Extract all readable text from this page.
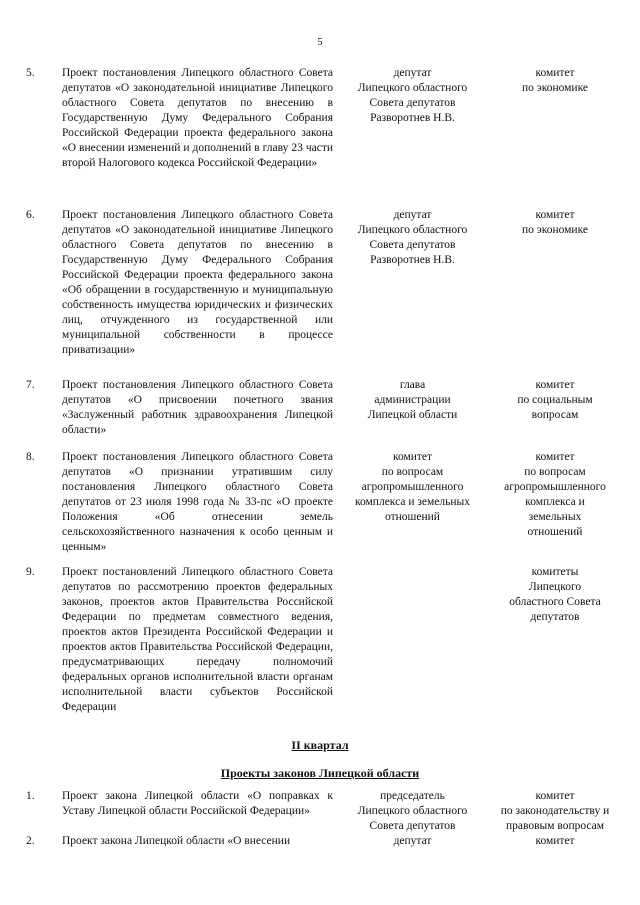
5
5. Проект постановления Липецкого областного Совета депутатов «О законодательной инициативе Липецкого областного Совета депутатов по внесению в Государственную Думу Федерального Собрания Российской Федерации проекта федерального закона «О внесении изменений и дополнений в главу 23 части второй Налогового кодекса Российской Федерации»
депутат
Липецкого областного
Совета депутатов
Разворотнев Н.В.
комитет
по экономике
6. Проект постановления Липецкого областного Совета депутатов «О законодательной инициативе Липецкого областного Совета депутатов по внесению в Государственную Думу Федерального Собрания Российской Федерации проекта федерального закона «Об обращении в государственную и муниципальную собственность имущества юридических и физических лиц, отчужденного из государственной или муниципальной собственности в процессе приватизации»
депутат
Липецкого областного
Совета депутатов
Разворотнев Н.В.
комитет
по экономике
7. Проект постановления Липецкого областного Совета депутатов «О присвоении почетного звания «Заслуженный работник здравоохранения Липецкой области»
глава
администрации
Липецкой области
комитет
по социальным
вопросам
8. Проект постановления Липецкого областного Совета депутатов «О признании утратившим силу постановления Липецкого областного Совета депутатов от 23 июля 1998 года № 33-пс «О проекте Положения «Об отнесении земель сельскохозяйственного назначения к особо ценным и ценным»
комитет
по вопросам
агропромышленного
комплекса и земельных
отношений
комитет
по вопросам
агропромышленного
комплекса и
земельных
отношений
9. Проект постановлений Липецкого областного Совета депутатов по рассмотрению проектов федеральных законов, проектов актов Правительства Российской Федерации по предметам совместного ведения, проектов актов Президента Российской Федерации и проектов актов Правительства Российской Федерации, предусматривающих передачу полномочий федеральных органов исполнительной власти органам исполнительной власти субъектов Российской Федерации
комитеты
Липецкого
областного Совета
депутатов
II квартал
Проекты законов Липецкой области
1. Проект закона Липецкой области «О поправках к Уставу Липецкой области Российской Федерации»
председатель
Липецкого областного
Совета депутатов
комитет
по законодательству и
правовым вопросам
2. Проект закона Липецкой области «О внесении	депутат	комитет
